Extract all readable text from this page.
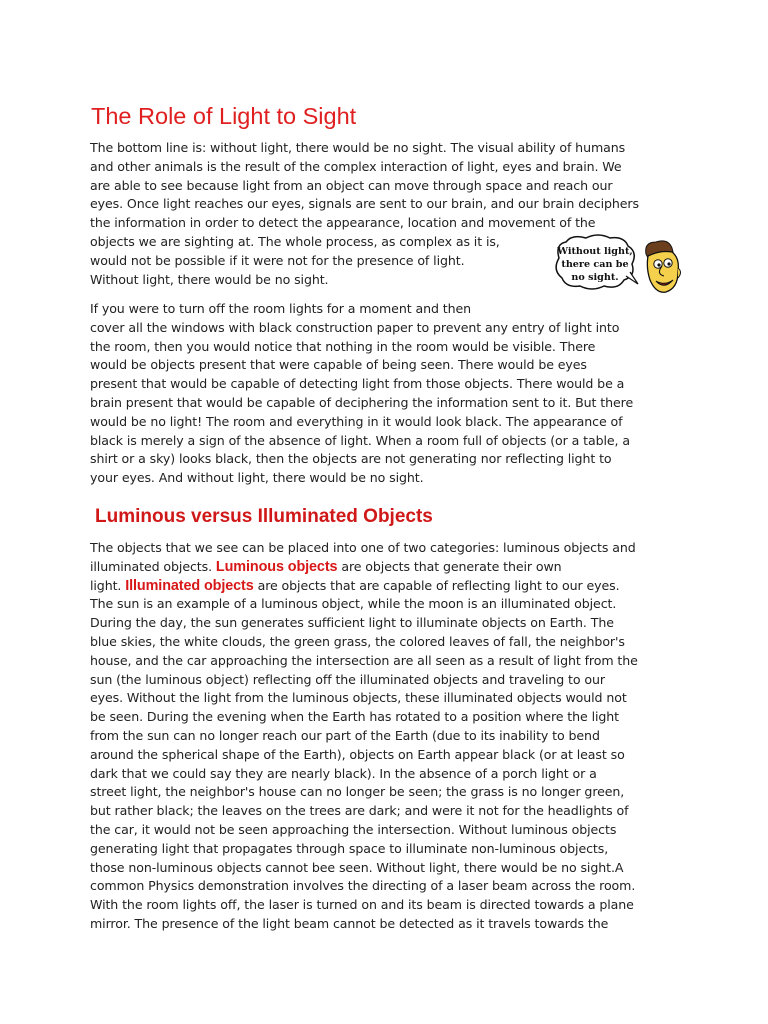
The Role of Light to Sight
The bottom line is: without light, there would be no sight. The visual ability of humans
and other animals is the result of the complex interaction of light, eyes and brain. We
are able to see because light from an object can move through space and reach our
eyes. Once light reaches our eyes, signals are sent to our brain, and our brain deciphers
the information in order to detect the appearance, location and movement of the
objects we are sighting at. The whole process, as complex as it is,
would not be possible if it were not for the presence of light.
Without light, there would be no sight.
Without light,
there can be
no sight.
If you were to turn off the room lights for a moment and then
cover all the windows with black construction paper to prevent any entry of light into
the room, then you would notice that nothing in the room would be visible. There
would be objects present that were capable of being seen. There would be eyes
present that would be capable of detecting light from those objects. There would be a
brain present that would be capable of deciphering the information sent to it. But there
would be no light! The room and everything in it would look black. The appearance of
black is merely a sign of the absence of light. When a room full of objects (or a table, a
shirt or a sky) looks black, then the objects are not generating nor reflecting light to
your eyes. And without light, there would be no sight.
Luminous versus Illuminated Objects
The objects that we see can be placed into one of two categories: luminous objects and
illuminated objects. Luminous objects are objects that generate their own
light. Illuminated objects are objects that are capable of reflecting light to our eyes.
The sun is an example of a luminous object, while the moon is an illuminated object.
During the day, the sun generates sufficient light to illuminate objects on Earth. The
blue skies, the white clouds, the green grass, the colored leaves of fall, the neighbor's
house, and the car approaching the intersection are all seen as a result of light from the
sun (the luminous object) reflecting off the illuminated objects and traveling to our
eyes. Without the light from the luminous objects, these illuminated objects would not
be seen. During the evening when the Earth has rotated to a position where the light
from the sun can no longer reach our part of the Earth (due to its inability to bend
around the spherical shape of the Earth), objects on Earth appear black (or at least so
dark that we could say they are nearly black). In the absence of a porch light or a
street light, the neighbor's house can no longer be seen; the grass is no longer green,
but rather black; the leaves on the trees are dark; and were it not for the headlights of
the car, it would not be seen approaching the intersection. Without luminous objects
generating light that propagates through space to illuminate non-luminous objects,
those non-luminous objects cannot bee seen. Without light, there would be no sight.A
common Physics demonstration involves the directing of a laser beam across the room.
With the room lights off, the laser is turned on and its beam is directed towards a plane
mirror. The presence of the light beam cannot be detected as it travels towards the
